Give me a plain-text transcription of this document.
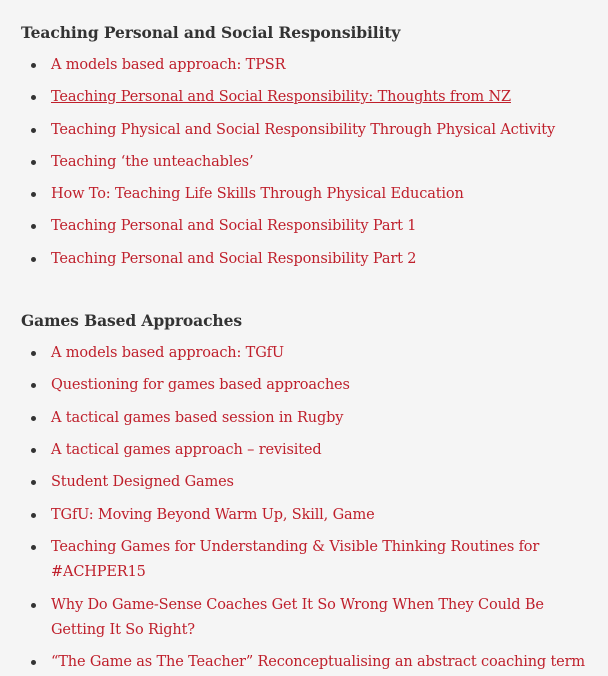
Teaching Personal and Social Responsibility
A models based approach: TPSR
Teaching Personal and Social Responsibility: Thoughts from NZ
Teaching Physical and Social Responsibility Through Physical Activity
Teaching ‘the unteachables’
How To: Teaching Life Skills Through Physical Education
Teaching Personal and Social Responsibility Part 1
Teaching Personal and Social Responsibility Part 2
Games Based Approaches
A models based approach: TGfU
Questioning for games based approaches
A tactical games based session in Rugby
A tactical games approach – revisited
Student Designed Games
TGfU: Moving Beyond Warm Up, Skill, Game
Teaching Games for Understanding & Visible Thinking Routines for #ACHPER15
Why Do Game-Sense Coaches Get It So Wrong When They Could Be Getting It So Right?
“The Game as The Teacher” Reconceptualising an abstract coaching term
